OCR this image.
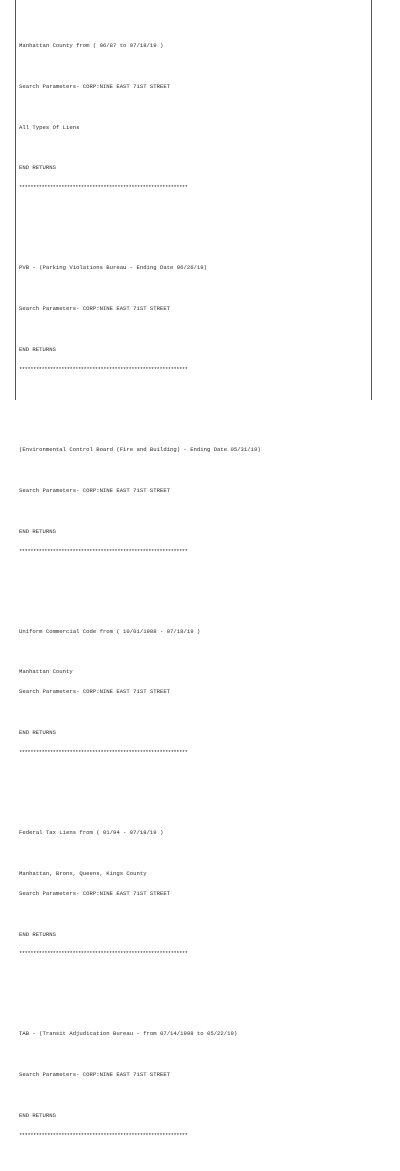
Manhattan County from ( 06/87 to 07/18/19 )

Search Parameters- CORP:NINE EAST 71ST STREET

All Types Of Liens

END RETURNS

************************************************************

PVB - (Parking Violations Bureau - Ending Date 06/26/19)

Search Parameters- CORP:NINE EAST 71ST STREET

END RETURNS

************************************************************

(Environmental Control Board (Fire and Building) - Ending Date 05/31/19)

Search Parameters- CORP:NINE EAST 71ST STREET

END RETURNS

************************************************************

Uniform Commercial Code from ( 10/01/1988 - 07/18/19 )

Manhattan County

Search Parameters- CORP:NINE EAST 71ST STREET

END RETURNS

************************************************************

Federal Tax Liens from ( 01/94 - 07/18/19 )

Manhattan, Bronx, Queens, Kings County

Search Parameters- CORP:NINE EAST 71ST STREET

END RETURNS

************************************************************

TAB - (Transit Adjudication Bureau - from 07/14/1998 to 05/22/19)

Search Parameters- CORP:NINE EAST 71ST STREET

END RETURNS

************************************************************
